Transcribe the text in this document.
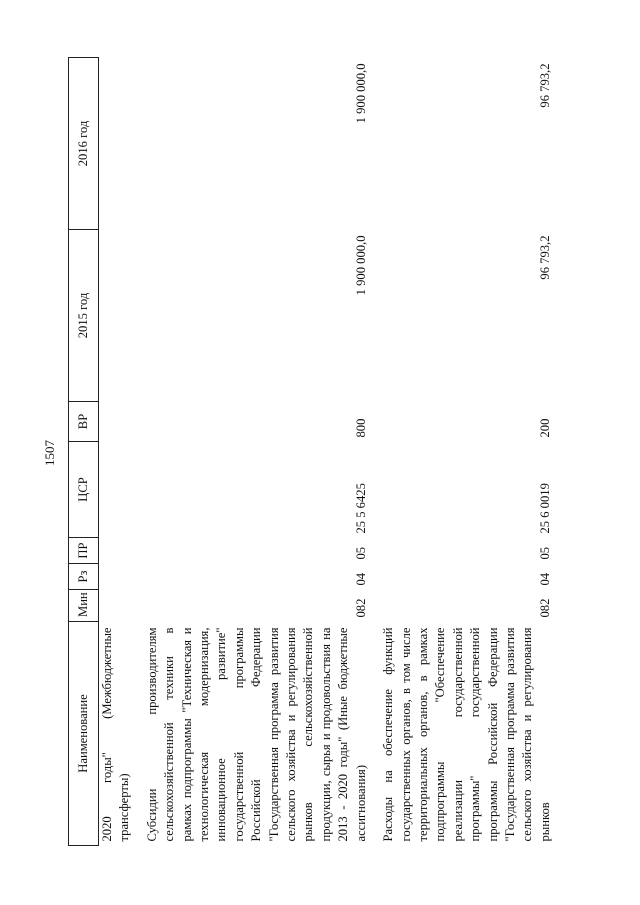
1507
Наименование	Мин	Рз	ПР	ЦСР	ВР	2015 год	2016 год
2020 годы" (Межбюджетные трансферты)							

Субсидии производителям сельскохозяйственной техники в рамках подпрограммы "Техническая и технологическая модернизация, инновационное развитие" государственной программы Российской Федерации "Государственная программа развития сельского хозяйства и регулирования рынков сельскохозяйственной продукции, сырья и продовольствия на 2013 - 2020 годы" (Иные бюджетные ассигнования)	082	04	05	25 5 6425	800	1 900 000,0	1 900 000,0

Расходы на обеспечение функций государственных органов, в том числе территориальных органов, в рамках подпрограммы "Обеспечение реализации государственной программы" государственной программы Российской Федерации "Государственная программа развития сельского хозяйства и регулирования рынков	082	04	05	25 6 0019	200	96 793,2	96 793,2
